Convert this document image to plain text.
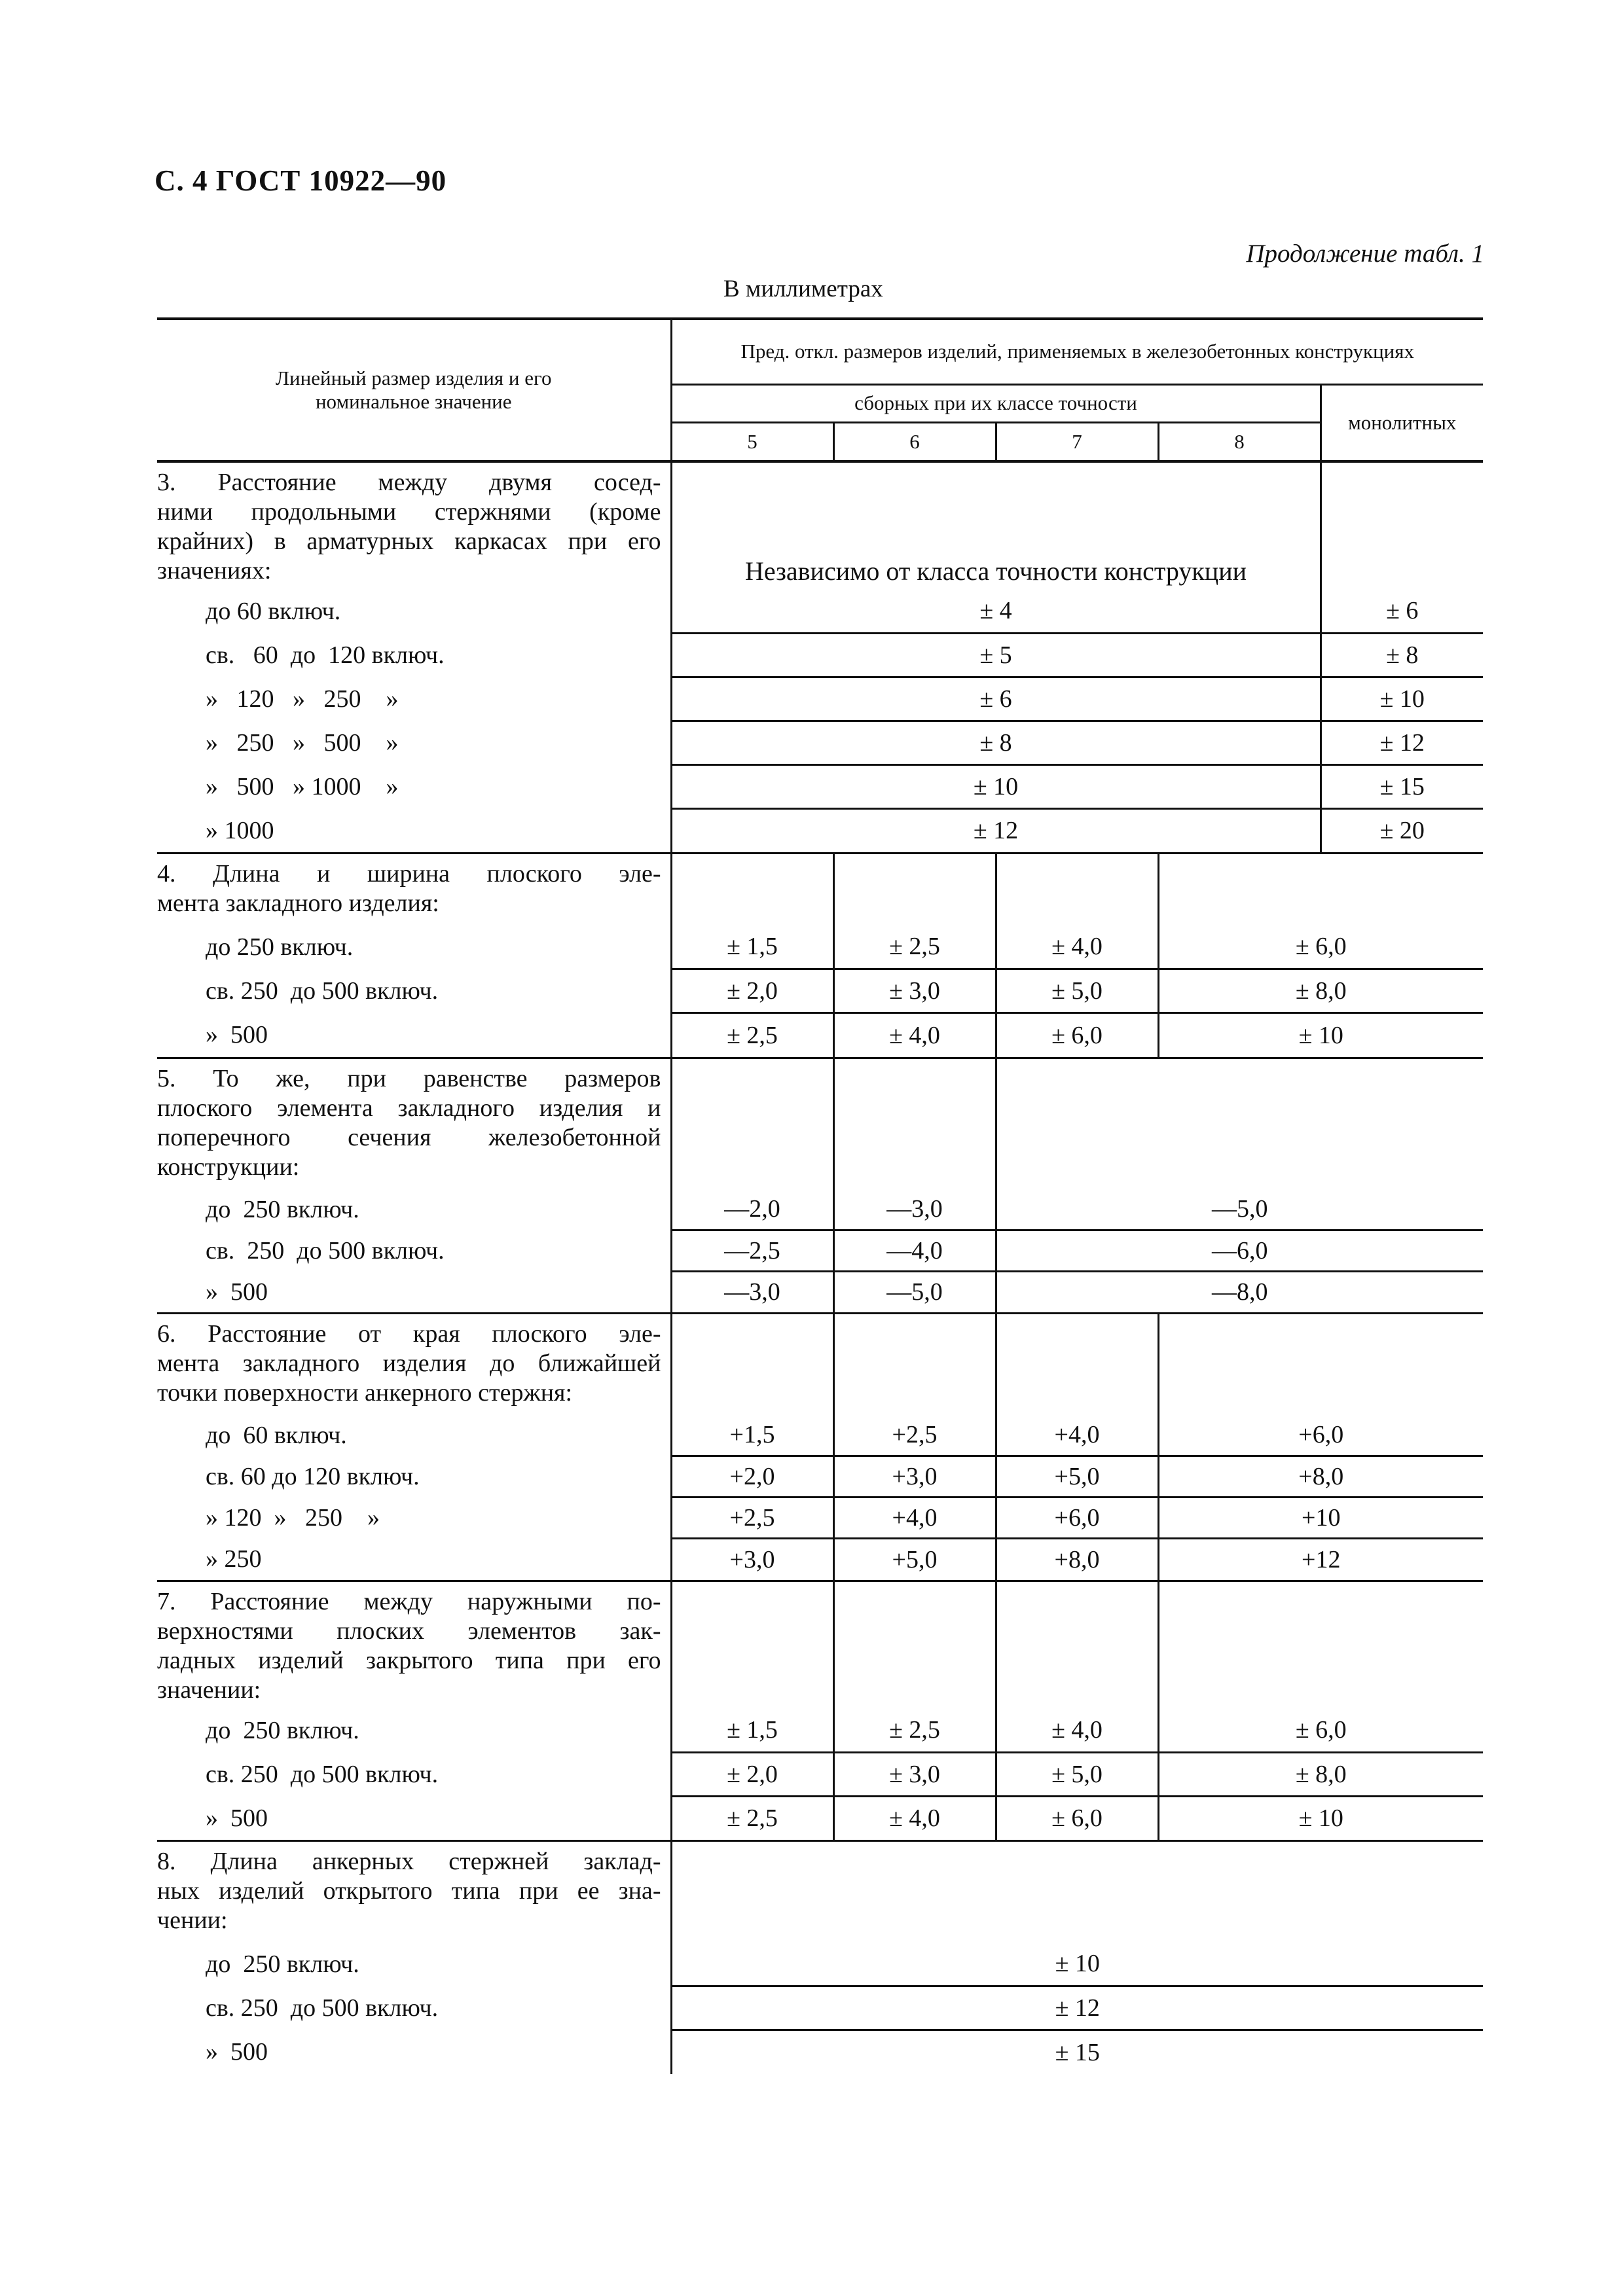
С. 4 ГОСТ 10922—90
Продолжение табл. 1
В миллиметрах
Линейный размер изделия и его номинальное значение	Пред. откл. размеров изделий, применяемых в железобетонных конструкциях				
	сборных при их классе точности				монолитных
	5	6	7	8	

3. Расстояние между двумя сосед-
ними продольными стержнями (кроме
крайних) в арматурных каркасах при его
значениях:	Независимо от класса точности конструкции				
до 60 включ.	± 4				± 6
св.   60  до  120 включ.	± 5				± 8
»   120   »   250    »	± 6				± 10
»   250   »   500    »	± 8				± 12
»   500   » 1000    »	± 10				± 15
» 1000	± 12				± 20

4. Длина и ширина плоского эле-
мента закладного изделия:					

до 250 включ.	± 1,5	± 2,5	± 4,0	± 6,0	
св. 250  до 500 включ.	± 2,0	± 3,0	± 5,0	± 8,0	
»  500	± 2,5	± 4,0	± 6,0	± 10	

5. То же, при равенстве размеров
плоского элемента закладного изделия и
поперечного сечения железобетонной
конструкции:					

до  250 включ.	—2,0	—3,0	—5,0		
св.  250  до 500 включ.	—2,5	—4,0	—6,0		
»  500	—3,0	—5,0	—8,0		

6. Расстояние от края плоского эле-
мента закладного изделия до ближайшей
точки поверхности анкерного стержня:					

до  60 включ.	+1,5	+2,5	+4,0	+6,0	
св. 60 до 120 включ.	+2,0	+3,0	+5,0	+8,0	
» 120  »   250    »	+2,5	+4,0	+6,0	+10	
» 250	+3,0	+5,0	+8,0	+12	

7. Расстояние между наружными по-
верхностями плоских элементов зак-
ладных изделий закрытого типа при его
значении:					

до  250 включ.	± 1,5	± 2,5	± 4,0	± 6,0	
св. 250  до 500 включ.	± 2,0	± 3,0	± 5,0	± 8,0	
»  500	± 2,5	± 4,0	± 6,0	± 10	

8. Длина анкерных стержней заклад-
ных изделий открытого типа при ее зна-
чении:					

до  250 включ.	± 10				
св. 250  до 500 включ.	± 12				
»  500	± 15				
